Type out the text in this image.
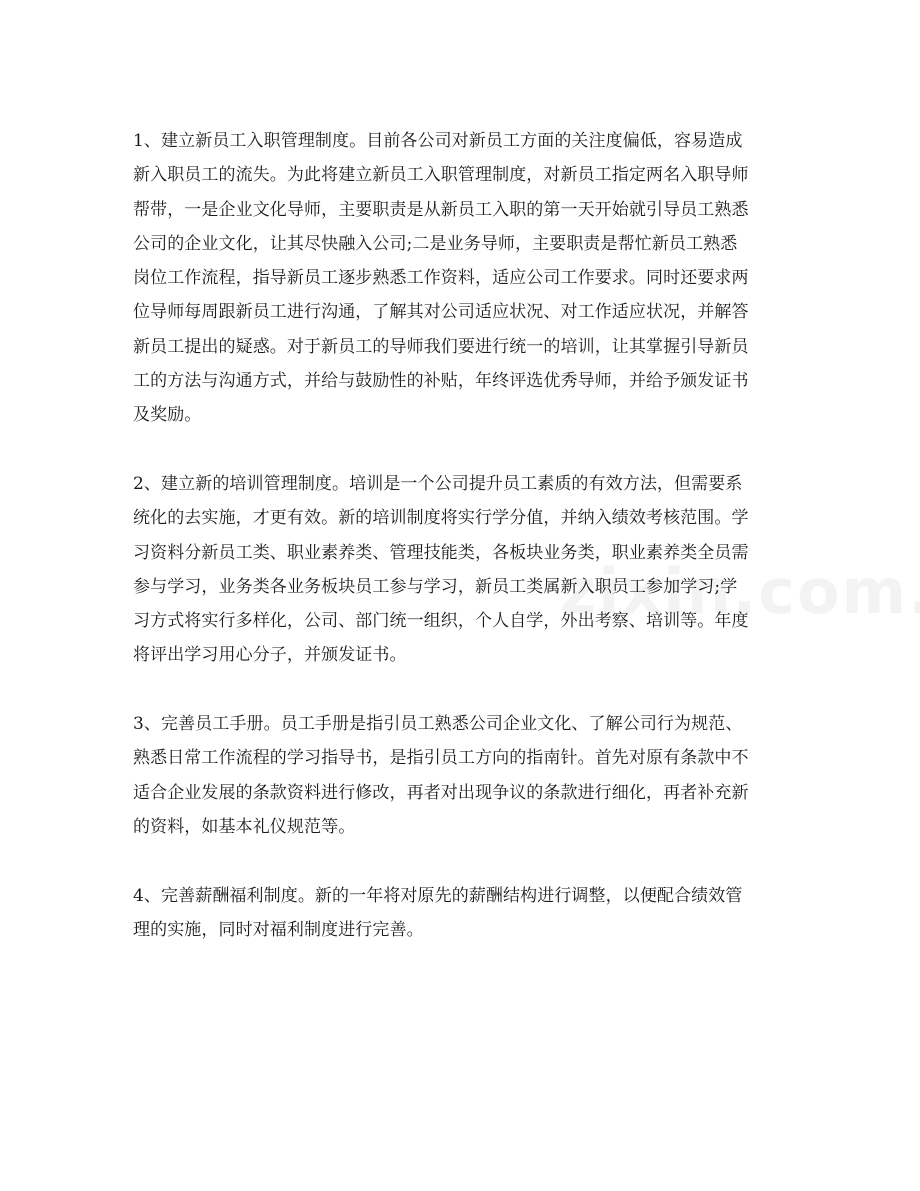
1、建立新员工入职管理制度。目前各公司对新员工方面的关注度偏低，容易造成
新入职员工的流失。为此将建立新员工入职管理制度，对新员工指定两名入职导师
帮带，一是企业文化导师，主要职责是从新员工入职的第一天开始就引导员工熟悉
公司的企业文化，让其尽快融入公司;二是业务导师，主要职责是帮忙新员工熟悉
岗位工作流程，指导新员工逐步熟悉工作资料，适应公司工作要求。同时还要求两
位导师每周跟新员工进行沟通，了解其对公司适应状况、对工作适应状况，并解答
新员工提出的疑惑。对于新员工的导师我们要进行统一的培训，让其掌握引导新员
工的方法与沟通方式，并给与鼓励性的补贴，年终评选优秀导师，并给予颁发证书
及奖励。
2、建立新的培训管理制度。培训是一个公司提升员工素质的有效方法，但需要系
统化的去实施，才更有效。新的培训制度将实行学分值，并纳入绩效考核范围。学
习资料分新员工类、职业素养类、管理技能类，各板块业务类，职业素养类全员需
参与学习，业务类各业务板块员工参与学习，新员工类属新入职员工参加学习;学
习方式将实行多样化，公司、部门统一组织，个人自学，外出考察、培训等。年度
将评出学习用心分子，并颁发证书。
3、完善员工手册。员工手册是指引员工熟悉公司企业文化、了解公司行为规范、
熟悉日常工作流程的学习指导书，是指引员工方向的指南针。首先对原有条款中不
适合企业发展的条款资料进行修改，再者对出现争议的条款进行细化，再者补充新
的资料，如基本礼仪规范等。
4、完善薪酬福利制度。新的一年将对原先的薪酬结构进行调整，以便配合绩效管
理的实施，同时对福利制度进行完善。
